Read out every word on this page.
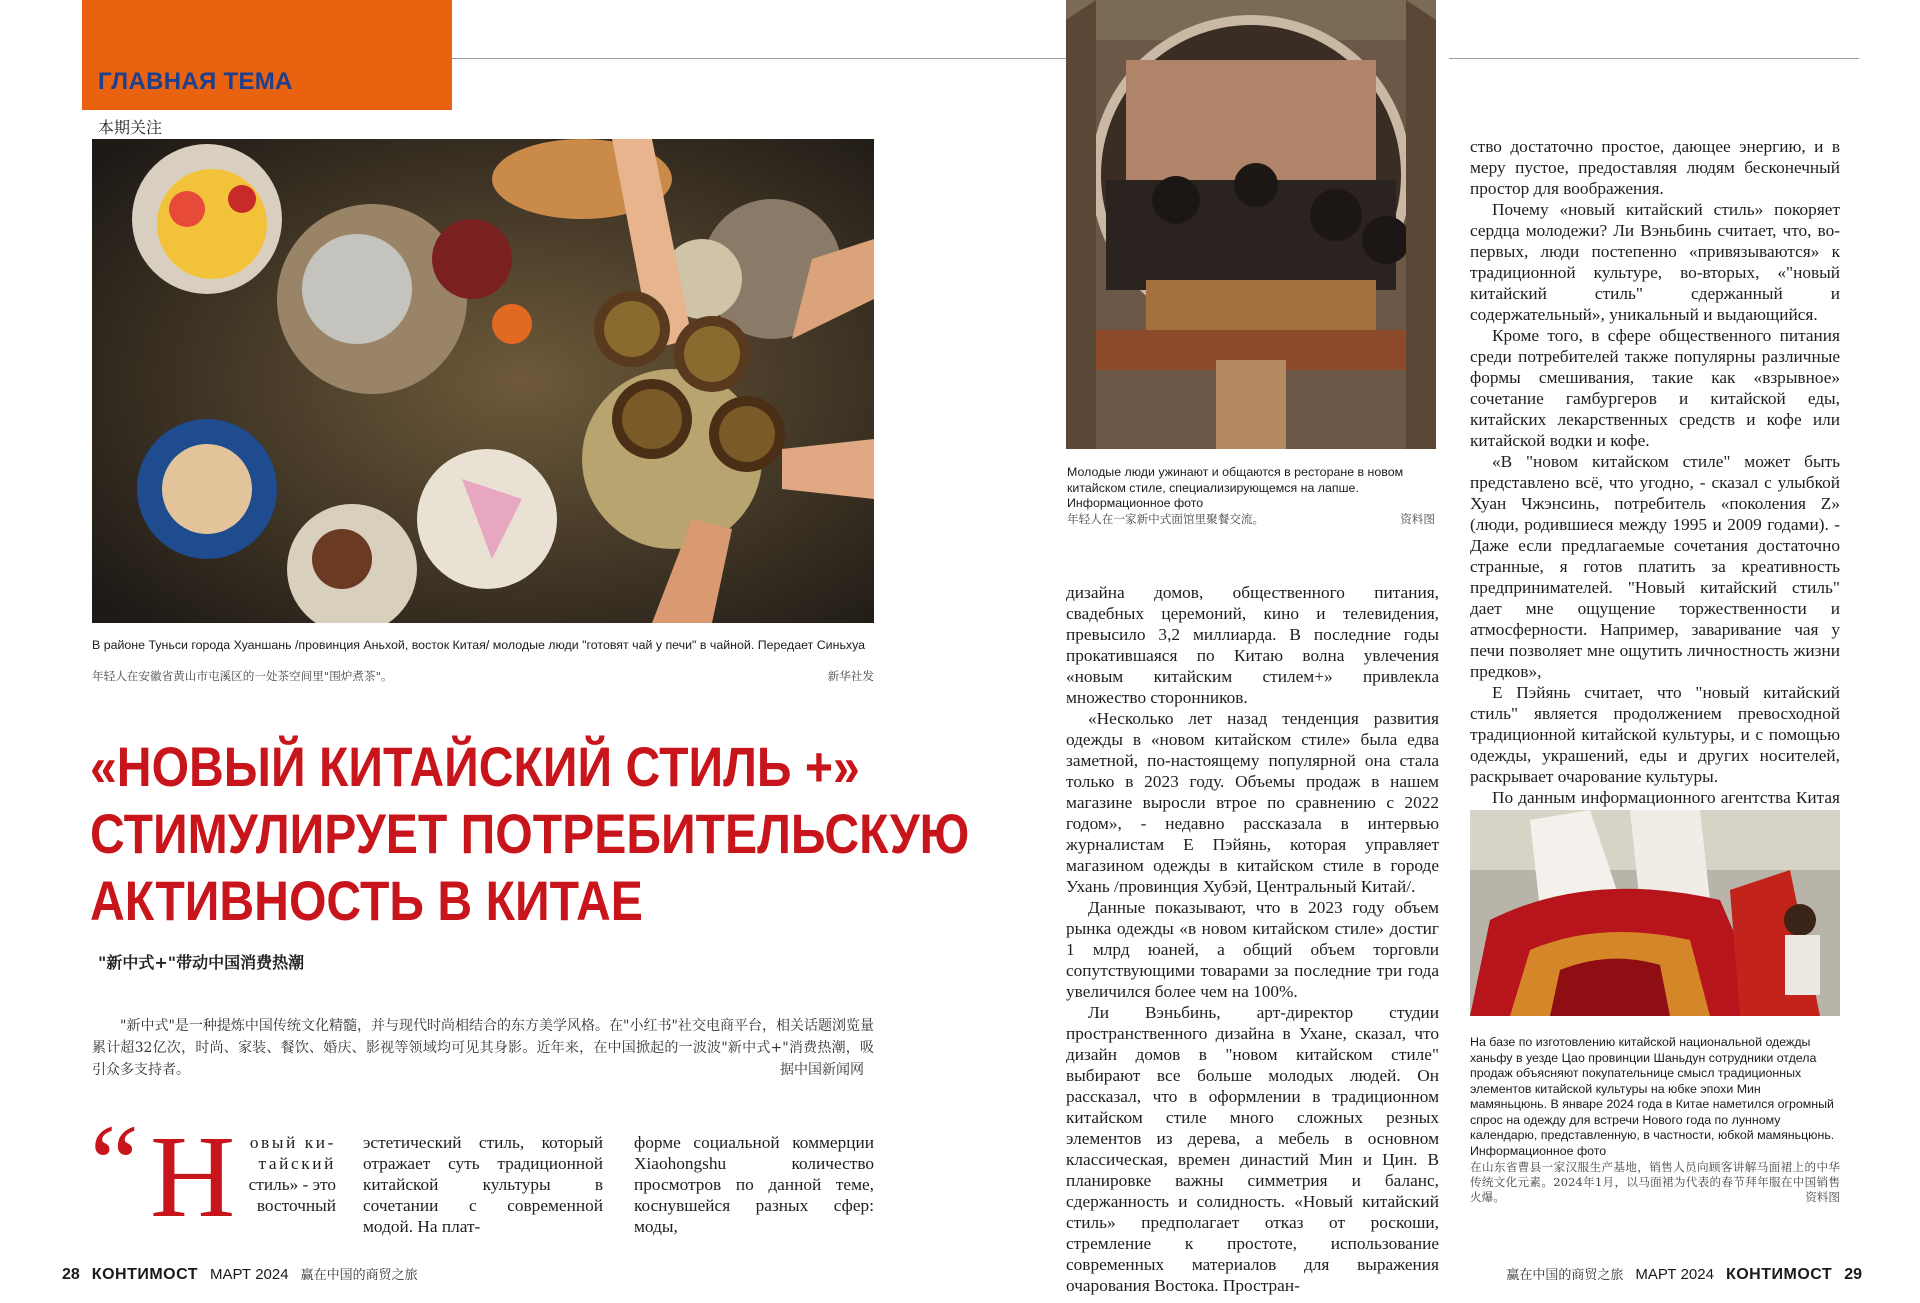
ГЛАВНАЯ ТЕМА
本期关注
В районе Туньси города Хуаншань /провинция Аньхой, восток Китая/ молодые люди "готовят чай у печи" в чайной. Передает Синьхуа
年轻人在安徽省黄山市屯溪区的一处茶空间里"围炉煮茶"。	新华社发
«НОВЫЙ КИТАЙСКИЙ СТИЛЬ +»
СТИМУЛИРУЕТ ПОТРЕБИТЕЛЬСКУЮ
АКТИВНОСТЬ В КИТАЕ
"新中式+"带动中国消费热潮
"新中式"是一种提炼中国传统文化精髓，并与现代时尚相结合的东方美学风格。在"小红书"社交电商平台，相关话题浏览量累计超32亿次，时尚、家装、餐饮、婚庆、影视等领域均可见其身影。近年来，在中国掀起的一波波"新中式+"消费热潮，吸引众多支持者。	据中国新闻网
“ Н овый ки-
тайский
стиль» - это
восточный
эстетический стиль, который отражает суть традиционной китайской культуры в сочетании с современной модой. На плат-
форме социальной коммерции Xiaohongshu количество просмотров по данной теме, коснувшейся разных сфер: моды,
28 КОНТИМОСТ МАРТ 2024 赢在中国的商贸之旅
Молодые люди ужинают и общаются в ресторане в новом китайском стиле, специализирующемся на лапше. Информационное фото
年轻人在一家新中式面馆里聚餐交流。	资料图

дизайна домов, общественного питания, свадебных церемоний, кино и телевидения, превысило 3,2 миллиарда. В последние годы прокатившаяся по Китаю волна увлечения «новым китайским стилем+» привлекла множество сторонников.

«Несколько лет назад тенденция развития одежды в «новом китайском стиле» была едва заметной, по-настоящему популярной она стала только в 2023 году. Объемы продаж в нашем магазине выросли втрое по сравнению с 2022 годом», - недавно рассказала в интервью журналистам Е Пэйянь, которая управляет магазином одежды в китайском стиле в городе Ухань /провинция Хубэй, Центральный Китай/.

Данные показывают, что в 2023 году объем рынка одежды «в новом китайском стиле» достиг 1 млрд юаней, а общий объем торговли сопутствующими товарами за последние три года увеличился более чем на 100%.

Ли Вэньбинь, арт-директор студии пространственного дизайна в Ухане, сказал, что дизайн домов в "новом китайском стиле" выбирают все больше молодых людей. Он рассказал, что в оформлении в традиционном китайском стиле много сложных резных элементов из дерева, а мебель в основном классическая, времен династий Мин и Цин. В планировке важны симметрия и баланс, сдержанность и солидность. «Новый китайский стиль» предполагает отказ от роскоши, стремление к простоте, использование современных материалов для выражения очарования Востока. Простран-

ство достаточно простое, дающее энергию, и в меру пустое, предоставляя людям бесконечный простор для воображения.

Почему «новый китайский стиль» покоряет сердца молодежи? Ли Вэньбинь считает, что, во-первых, люди постепенно «привязываются» к традиционной культуре, во-вторых, «"новый китайский стиль" сдержанный и содержательный», уникальный и выдающийся.

Кроме того, в сфере общественного питания среди потребителей также популярны различные формы смешивания, такие как «взрывное» сочетание гамбургеров и китайской еды, китайских лекарственных средств и кофе или китайской водки и кофе.

«В "новом китайском стиле" может быть представлено всё, что угодно, - сказал с улыбкой Хуан Чжэнсинь, потребитель «поколения Z» (люди, родившиеся между 1995 и 2009 годами). - Даже если предлагаемые сочетания достаточно странные, я готов платить за креативность предпринимателей. "Новый китайский стиль" дает мне ощущение торжественности и атмосферности. Например, заваривание чая у печи позволяет мне ощутить личностность жизни предков»,

Е Пэйянь считает, что "новый китайский стиль" является продолжением превосходной традиционной китайской культуры, и с помощью одежды, украшений, еды и других носителей, раскрывает очарование культуры.

По данным информационного агентства Китая

На базе по изготовлению китайской национальной одежды ханьфу в уезде Цао провинции Шаньдун сотрудники отдела продаж объясняют покупательнице смысл традиционных элементов китайской культуры на юбке эпохи Мин мамяньцюнь. В январе 2024 года в Китае наметился огромный спрос на одежду для встречи Нового года по лунному календарю, представленную, в частности, юбкой мамяньцюнь. Информационное фото
在山东省曹县一家汉服生产基地，销售人员向顾客讲解马面裙上的中华传统文化元素。2024年1月，以马面裙为代表的春节拜年服在中国销售火爆。	资料图
赢在中国的商贸之旅 МАРТ 2024 КОНТИМОСТ 29
